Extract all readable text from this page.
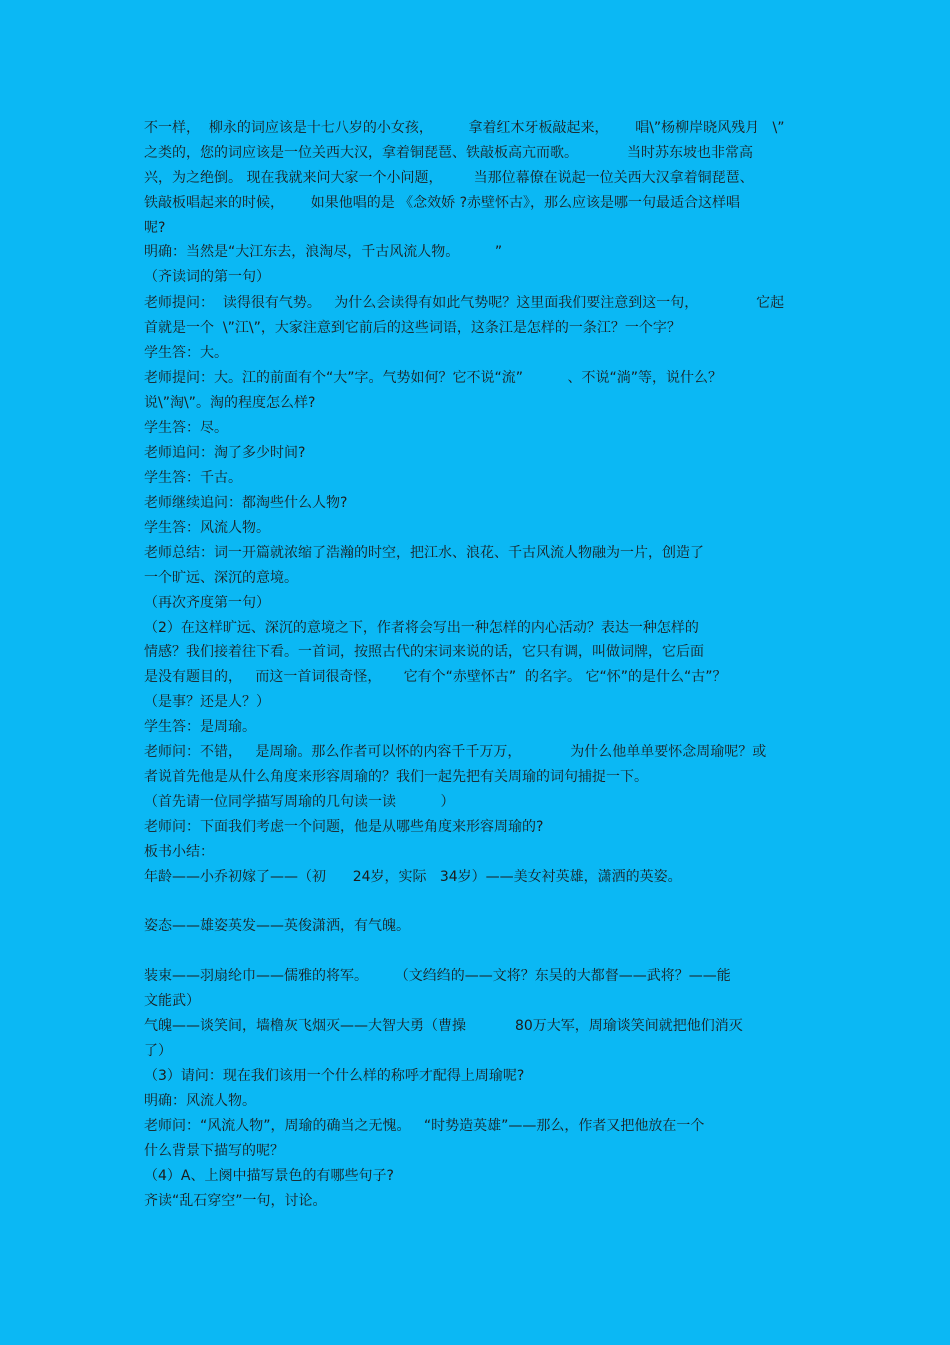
不一样，  柳永的词应该是十七八岁的小女孩，        拿着红木牙板敲起来，      唱\”杨柳岸晓风残月   \”
之类的，您的词应该是一位关西大汉，拿着铜琵琶、铁敲板高亢而歌。           当时苏东坡也非常高
兴，为之绝倒。 现在我就来问大家一个小问题，       当那位幕僚在说起一位关西大汉拿着铜琵琶、
铁敲板唱起来的时候，      如果他唱的是 《念效娇 ?赤壁怀古》，那么应该是哪一句最适合这样唱
呢?
明确：当然是“大江东去，浪淘尽，千古风流人物。        ”
（齐读词的第一句）
老师提问：  读得很有气势。   为什么会读得有如此气势呢？这里面我们要注意到这一句，             它起
首就是一个  \”江\”，大家注意到它前后的这些词语，这条江是怎样的一条江？一个字？
学生答：大。
老师提问：大。江的前面有个“大”字。气势如何？它不说“流”          、不说“淌”等，说什么？
说\”淘\”。淘的程度怎么样?
学生答：尽。
老师追问：淘了多少时间?
学生答：千古。
老师继续追问：都淘些什么人物?
学生答：风流人物。
老师总结：词一开篇就浓缩了浩瀚的时空，把江水、浪花、千古风流人物融为一片，创造了
一个旷远、深沉的意境。
（再次齐度第一句）
（2）在这样旷远、深沉的意境之下，作者将会写出一种怎样的内心活动？表达一种怎样的
情感？我们接着往下看。一首词，按照古代的宋词来说的话，它只有调，叫做词牌，它后面
是没有题目的，   而这一首词很奇怪，     它有个“赤壁怀古”  的名字。 它“怀”的是什么“古”？
（是事？还是人？）
学生答：是周瑜。
老师问：不错，   是周瑜。那么作者可以怀的内容千千万万，           为什么他单单要怀念周瑜呢？或
者说首先他是从什么角度来形容周瑜的？我们一起先把有关周瑜的词句捕捉一下。
（首先请一位同学描写周瑜的几句读一读          ）
老师问：下面我们考虑一个问题，他是从哪些角度来形容周瑜的?
板书小结：
年龄——小乔初嫁了——（初      24岁，实际   34岁）——美女衬英雄，潇洒的英姿。
姿态——雄姿英发——英俊潇洒，有气魄。
装束——羽扇纶巾——儒雅的将军。      （文绉绉的——文将？东吴的大都督——武将？——能
文能武）
气魄——谈笑间，墙橹灰飞烟灭——大智大勇（曹操           80万大军，周瑜谈笑间就把他们消灭
了）
（3）请问：现在我们该用一个什么样的称呼才配得上周瑜呢?
明确：风流人物。
老师问：“风流人物”，周瑜的确当之无愧。   “时势造英雄”——那么，作者又把他放在一个
什么背景下描写的呢？
（4）A、上阕中描写景色的有哪些句子?
齐读“乱石穿空”一句，讨论。
